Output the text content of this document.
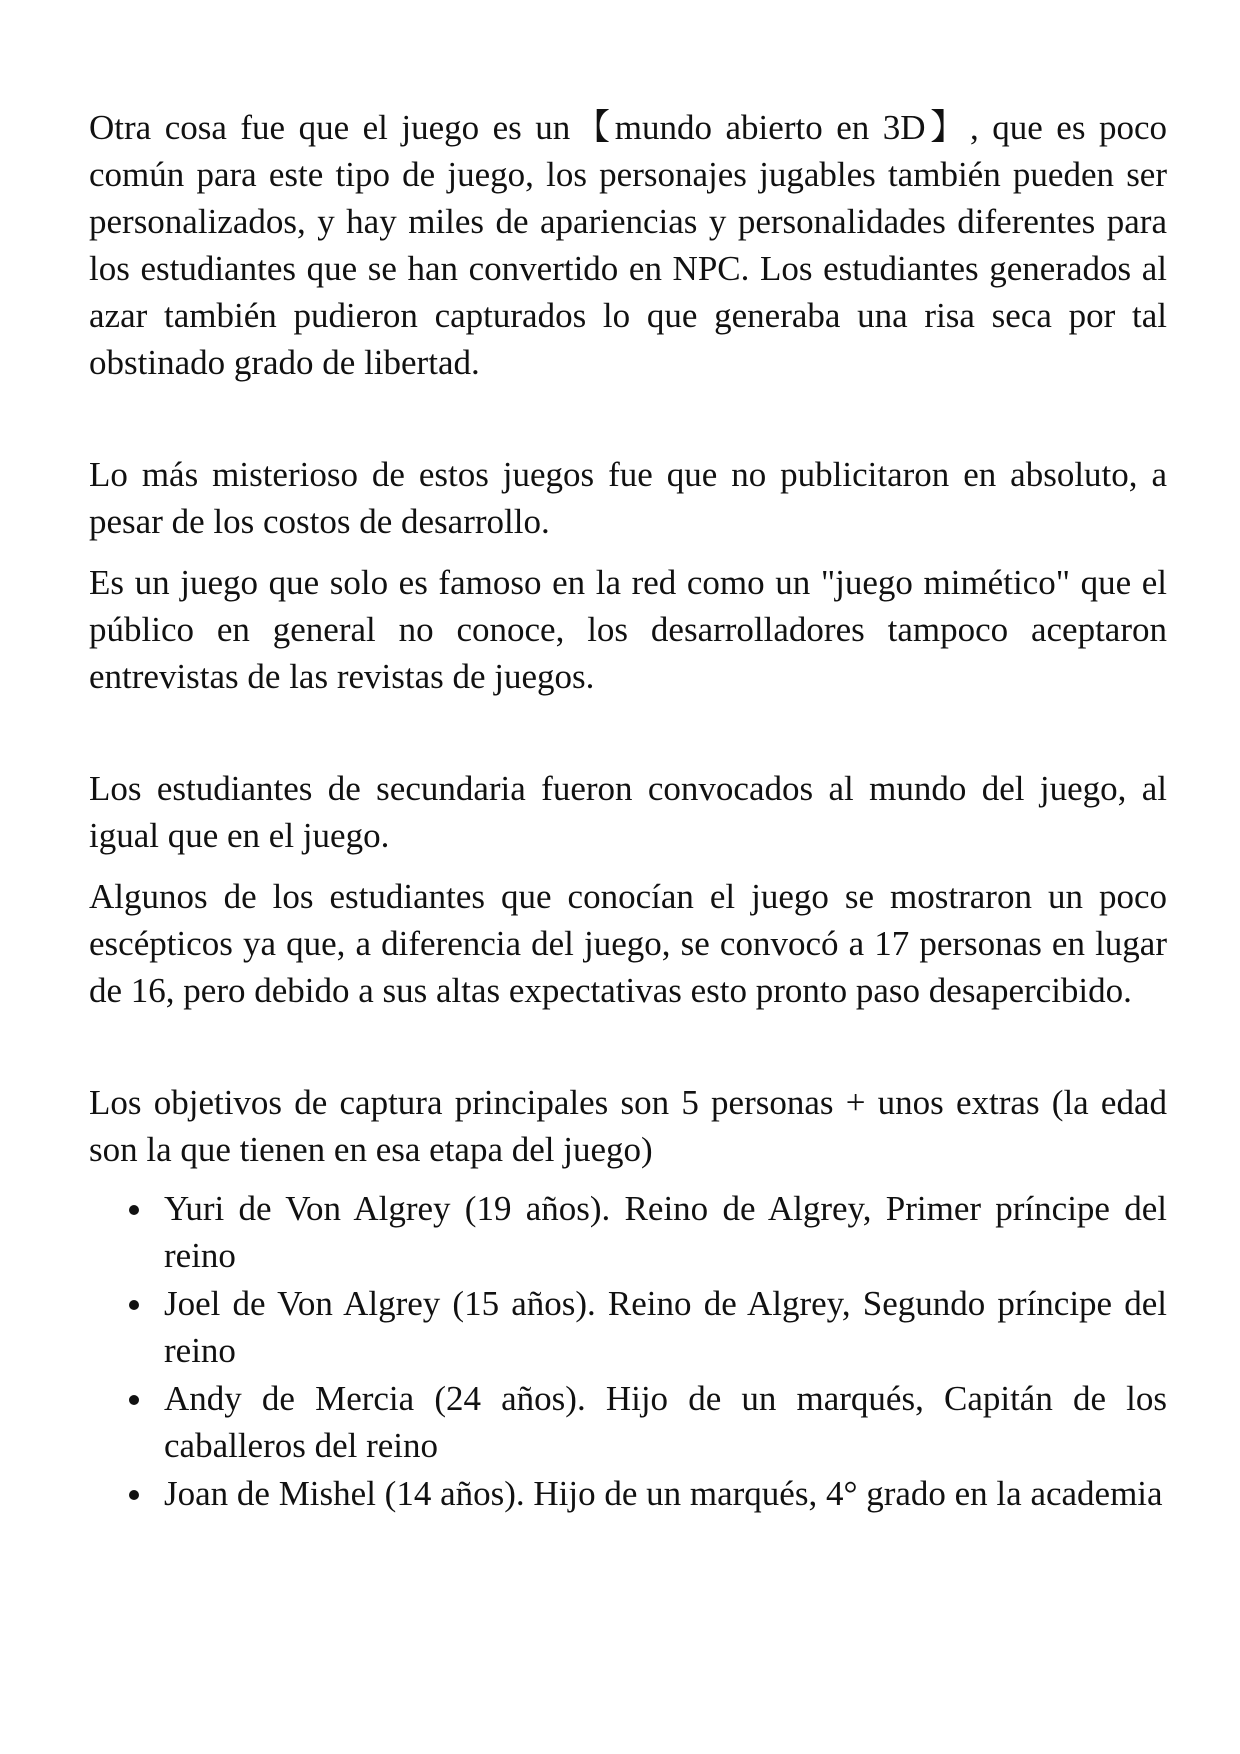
Otra cosa fue que el juego es un【mundo abierto en 3D】, que es poco común para este tipo de juego, los personajes jugables también pueden ser personalizados, y hay miles de apariencias y personalidades diferentes para los estudiantes que se han convertido en NPC. Los estudiantes generados al azar también pudieron capturados lo que generaba una risa seca por tal obstinado grado de libertad.

Lo más misterioso de estos juegos fue que no publicitaron en absoluto, a pesar de los costos de desarrollo.

Es un juego que solo es famoso en la red como un "juego mimético" que el público en general no conoce, los desarrolladores tampoco aceptaron entrevistas de las revistas de juegos.

Los estudiantes de secundaria fueron convocados al mundo del juego, al igual que en el juego.

Algunos de los estudiantes que conocían el juego se mostraron un poco escépticos ya que, a diferencia del juego, se convocó a 17 personas en lugar de 16, pero debido a sus altas expectativas esto pronto paso desapercibido.

Los objetivos de captura principales son 5 personas + unos extras (la edad son la que tienen en esa etapa del juego)

Yuri de Von Algrey (19 años). Reino de Algrey, Primer príncipe del reino
Joel de Von Algrey (15 años). Reino de Algrey, Segundo príncipe del reino
Andy de Mercia (24 años). Hijo de un marqués, Capitán de los caballeros del reino
Joan de Mishel (14 años). Hijo de un marqués, 4° grado en la academia
